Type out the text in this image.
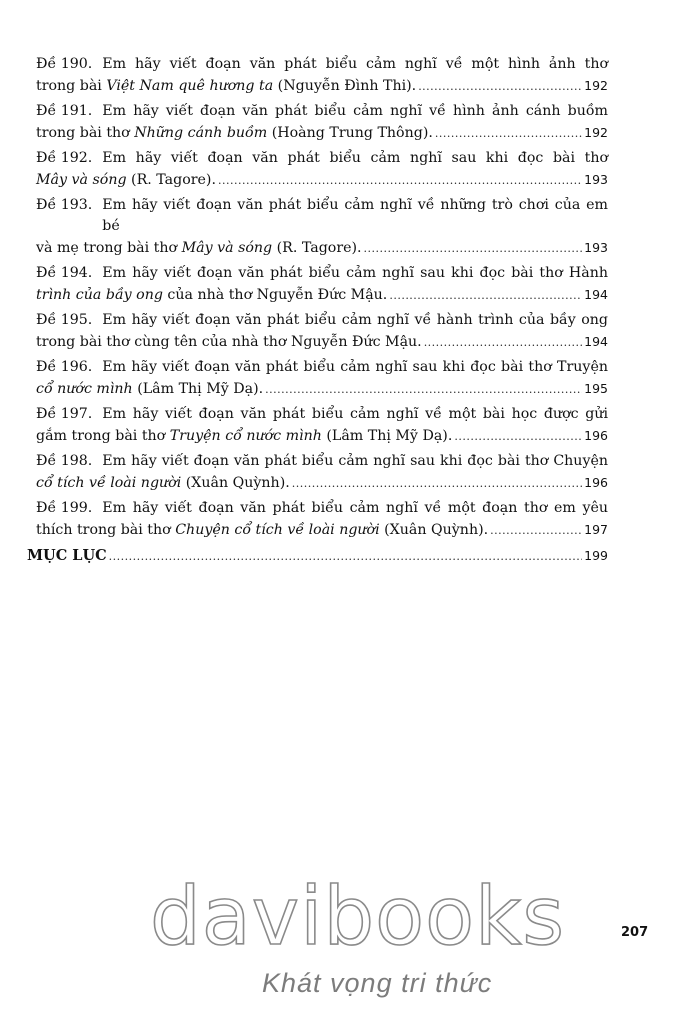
Đề 190. Em hãy viết đoạn văn phát biểu cảm nghĩ về một hình ảnh thơ
trong bài Việt Nam quê hương ta (Nguyễn Đình Thi). .....	192
Đề 191. Em hãy viết đoạn văn phát biểu cảm nghĩ về hình ảnh cánh buồm
trong bài thơ Những cánh buồm (Hoàng Trung Thông). .....	192
Đề 192. Em hãy viết đoạn văn phát biểu cảm nghĩ sau khi đọc bài thơ
Mây và sóng (R. Tagore). .....	193
Đề 193. Em hãy viết đoạn văn phát biểu cảm nghĩ về những trò chơi của em bé
và mẹ trong bài thơ Mây và sóng (R. Tagore). .....	193
Đề 194. Em hãy viết đoạn văn phát biểu cảm nghĩ sau khi đọc bài thơ Hành
trình của bầy ong của nhà thơ Nguyễn Đức Mậu. .....	194
Đề 195. Em hãy viết đoạn văn phát biểu cảm nghĩ về hành trình của bầy ong
trong bài thơ cùng tên của nhà thơ Nguyễn Đức Mậu. .....	194
Đề 196. Em hãy viết đoạn văn phát biểu cảm nghĩ sau khi đọc bài thơ Truyện
cổ nước mình (Lâm Thị Mỹ Dạ). .....	195
Đề 197. Em hãy viết đoạn văn phát biểu cảm nghĩ về một bài học được gửi
gắm trong bài thơ Truyện cổ nước mình (Lâm Thị Mỹ Dạ). .....	196
Đề 198. Em hãy viết đoạn văn phát biểu cảm nghĩ sau khi đọc bài thơ Chuyện
cổ tích về loài người (Xuân Quỳnh). .....	196
Đề 199. Em hãy viết đoạn văn phát biểu cảm nghĩ về một đoạn thơ em yêu
thích trong bài thơ Chuyện cổ tích về loài người (Xuân Quỳnh). .....	197
MỤC LỤC .....	199
207
davibooks
Khát vọng tri thức
